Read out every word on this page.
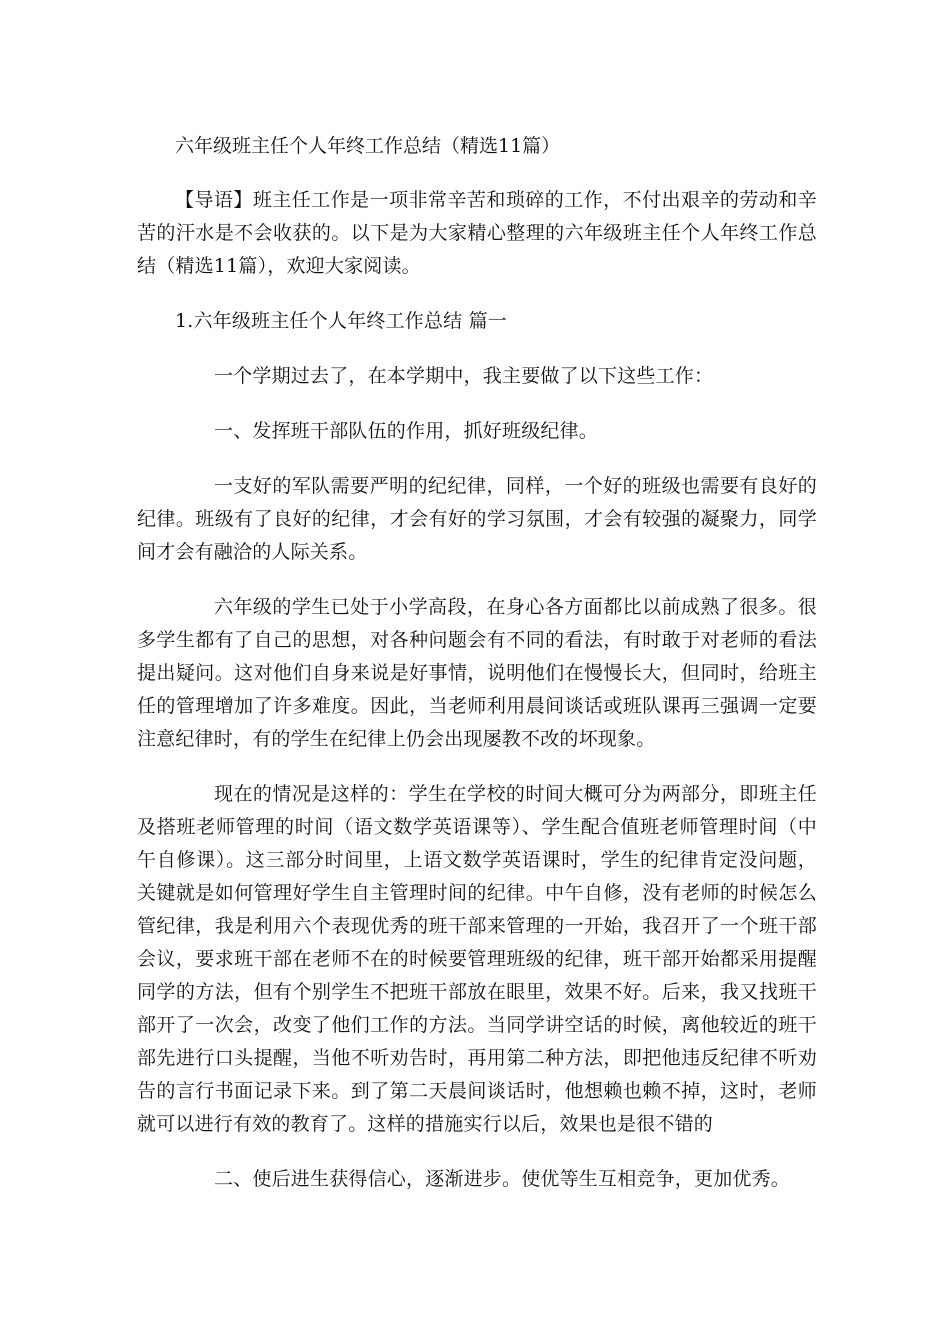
六年级班主任个人年终工作总结（精选11篇）

【导语】班主任工作是一项非常辛苦和琐碎的工作，不付出艰辛的劳动和辛苦的汗水是不会收获的。以下是为大家精心整理的六年级班主任个人年终工作总结（精选11篇），欢迎大家阅读。

1.六年级班主任个人年终工作总结 篇一

一个学期过去了，在本学期中，我主要做了以下这些工作：

一、发挥班干部队伍的作用，抓好班级纪律。

一支好的军队需要严明的纪纪律，同样，一个好的班级也需要有良好的纪律。班级有了良好的纪律，才会有好的学习氛围，才会有较强的凝聚力，同学间才会有融洽的人际关系。

六年级的学生已处于小学高段，在身心各方面都比以前成熟了很多。很多学生都有了自己的思想，对各种问题会有不同的看法，有时敢于对老师的看法提出疑问。这对他们自身来说是好事情，说明他们在慢慢长大，但同时，给班主任的管理增加了许多难度。因此，当老师利用晨间谈话或班队课再三强调一定要注意纪律时，有的学生在纪律上仍会出现屡教不改的坏现象。

现在的情况是这样的：学生在学校的时间大概可分为两部分，即班主任及搭班老师管理的时间（语文数学英语课等）、学生配合值班老师管理时间（中午自修课）。这三部分时间里，上语文数学英语课时，学生的纪律肯定没问题，关键就是如何管理好学生自主管理时间的纪律。中午自修，没有老师的时候怎么管纪律，我是利用六个表现优秀的班干部来管理的一开始，我召开了一个班干部会议，要求班干部在老师不在的时候要管理班级的纪律，班干部开始都采用提醒同学的方法，但有个别学生不把班干部放在眼里，效果不好。后来，我又找班干部开了一次会，改变了他们工作的方法。当同学讲空话的时候，离他较近的班干部先进行口头提醒，当他不听劝告时，再用第二种方法，即把他违反纪律不听劝告的言行书面记录下来。到了第二天晨间谈话时，他想赖也赖不掉，这时，老师就可以进行有效的教育了。这样的措施实行以后，效果也是很不错的

二、使后进生获得信心，逐渐进步。使优等生互相竞争，更加优秀。
